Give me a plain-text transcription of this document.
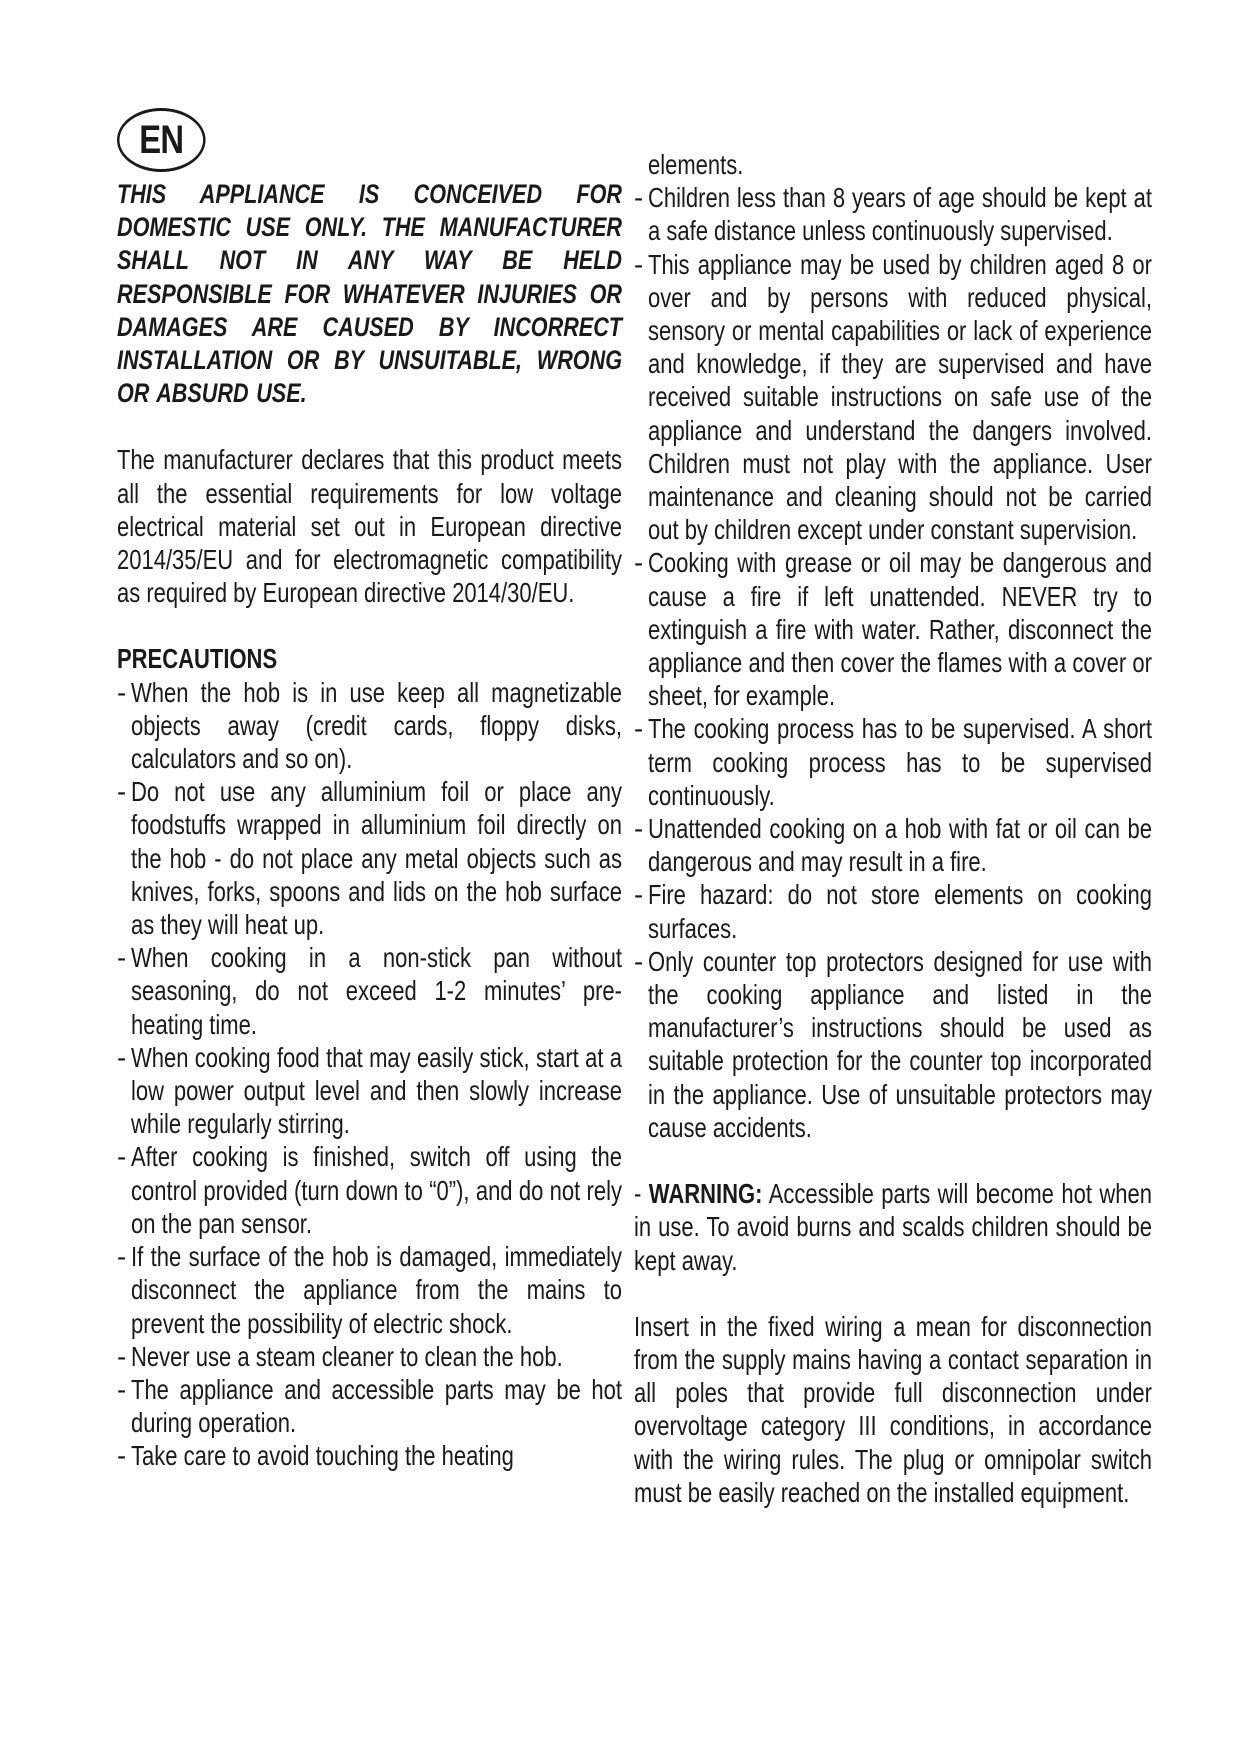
EN
THIS APPLIANCE IS CONCEIVED FOR DOMESTIC USE ONLY. THE MANUFACTURER SHALL NOT IN ANY WAY BE HELD RESPONSIBLE FOR WHATEVER INJURIES OR DAMAGES ARE CAUSED BY INCORRECT INSTALLATION OR BY UNSUITABLE, WRONG OR ABSURD USE.

The manufacturer declares that this product meets all the essential requirements for low voltage electrical material set out in European directive 2014/35/EU and for electromagnetic compatibility as required by European directive 2014/30/EU.

PRECAUTIONS
- When the hob is in use keep all magnetizable objects away (credit cards, floppy disks, calculators and so on).
- Do not use any alluminium foil or place any foodstuffs wrapped in alluminium foil directly on the hob - do not place any metal objects such as knives, forks, spoons and lids on the hob surface as they will heat up.
- When cooking in a non-stick pan without seasoning, do not exceed 1-2 minutes’ pre-heating time.
- When cooking food that may easily stick, start at a low power output level and then slowly increase while regularly stirring.
- After cooking is finished, switch off using the control provided (turn down to “0”), and do not rely on the pan sensor.
- If the surface of the hob is damaged, immediately disconnect the appliance from the mains to prevent the possibility of electric shock.
- Never use a steam cleaner to clean the hob.
- The appliance and accessible parts may be hot during operation.
- Take care to avoid touching the heating
elements.
- Children less than 8 years of age should be kept at a safe distance unless continuously supervised.
- This appliance may be used by children aged 8 or over and by persons with reduced physical, sensory or mental capabilities or lack of experience and knowledge, if they are supervised and have received suitable instructions on safe use of the appliance and understand the dangers involved. Children must not play with the appliance. User maintenance and cleaning should not be carried out by children except under constant supervision.
- Cooking with grease or oil may be dangerous and cause a fire if left unattended. NEVER try to extinguish a fire with water. Rather, disconnect the appliance and then cover the flames with a cover or sheet, for example.
- The cooking process has to be supervised. A short term cooking process has to be supervised continuously.
- Unattended cooking on a hob with fat or oil can be dangerous and may result in a fire.
- Fire hazard: do not store elements on cooking surfaces.
- Only counter top protectors designed for use with the cooking appliance and listed in the manufacturer’s instructions should be used as suitable protection for the counter top incorporated in the appliance. Use of unsuitable protectors may cause accidents.

- WARNING: Accessible parts will become hot when in use. To avoid burns and scalds children should be kept away.

Insert in the fixed wiring a mean for disconnection from the supply mains having a contact separation in all poles that provide full disconnection under overvoltage category III conditions, in accordance with the wiring rules. The plug or omnipolar switch must be easily reached on the installed equipment.
